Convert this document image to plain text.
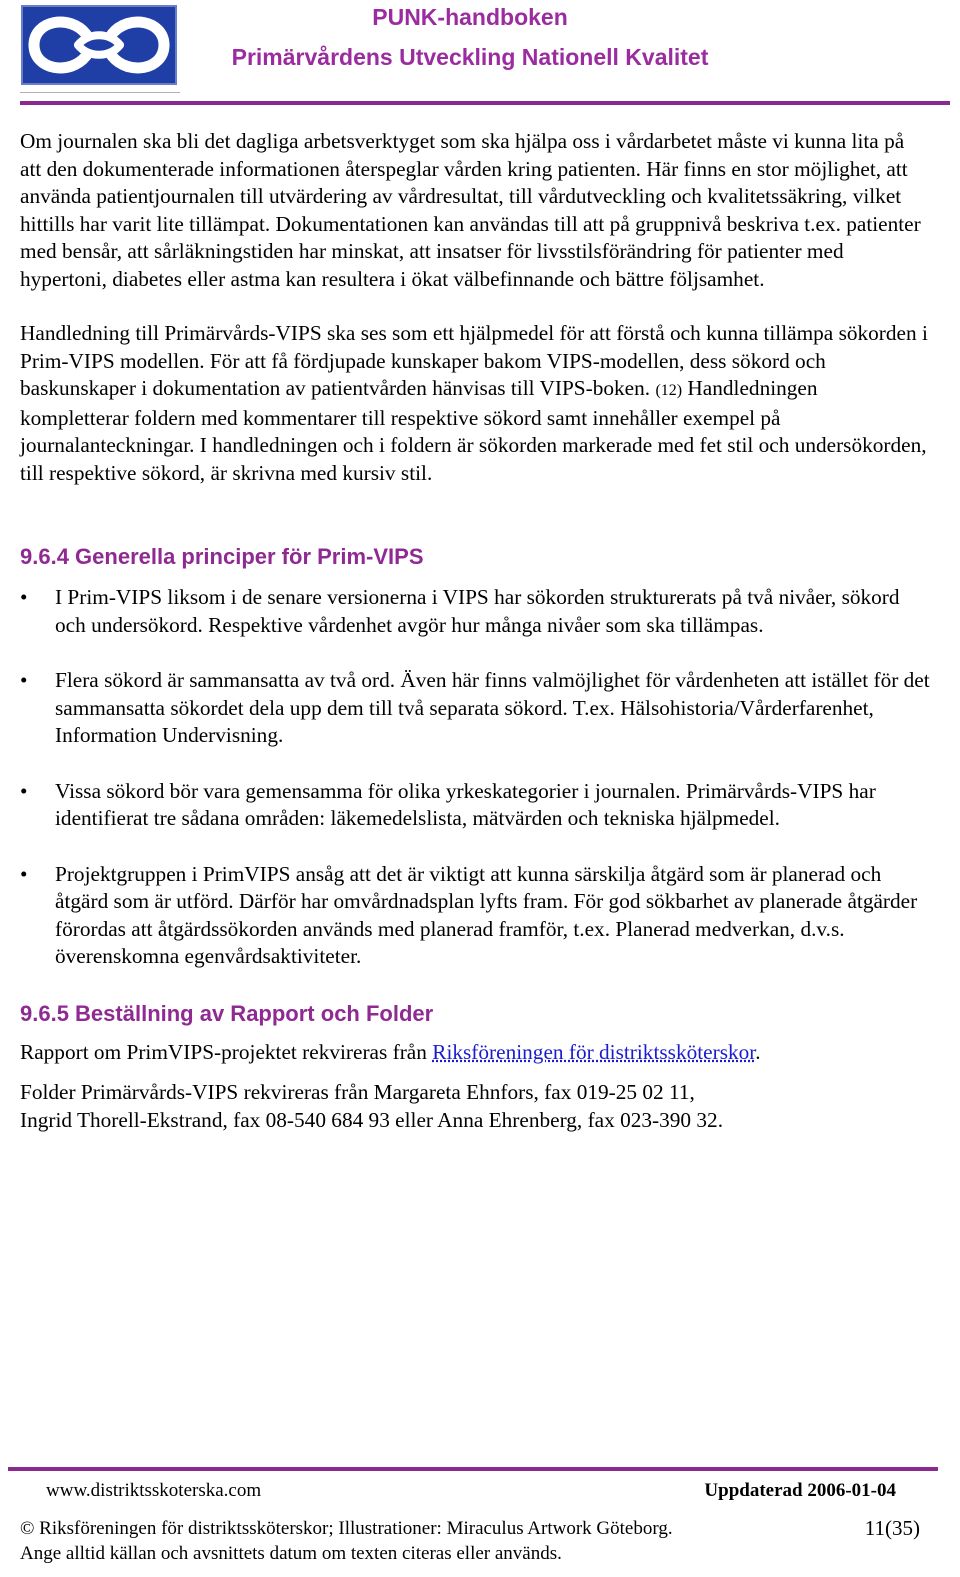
PUNK-handboken
Primärvårdens Utveckling Nationell Kvalitet

Om journalen ska bli det dagliga arbetsverktyget som ska hjälpa oss i vårdarbetet måste vi kunna lita på att den dokumenterade informationen återspeglar vården kring patienten. Här finns en stor möjlighet, att använda patientjournalen till utvärdering av vårdresultat, till vårdutveckling och kvalitetssäkring, vilket hittills har varit lite tillämpat. Dokumentationen kan användas till att på gruppnivå beskriva t.ex. patienter med bensår, att sårläkningstiden har minskat, att insatser för livsstilsförändring för patienter med hypertoni, diabetes eller astma kan resultera i ökat välbefinnande och bättre följsamhet.

Handledning till Primärvårds-VIPS ska ses som ett hjälpmedel för att förstå och kunna tillämpa sökorden i Prim-VIPS modellen. För att få fördjupade kunskaper bakom VIPS-modellen, dess sökord och baskunskaper i dokumentation av patientvården hänvisas till VIPS-boken. (12) Handledningen kompletterar foldern med kommentarer till respektive sökord samt innehåller exempel på journalanteckningar. I handledningen och i foldern är sökorden markerade med fet stil och undersökorden, till respektive sökord, är skrivna med kursiv stil.

9.6.4 Generella principer för Prim-VIPS
• I Prim-VIPS liksom i de senare versionerna i VIPS har sökorden strukturerats på två nivåer, sökord och undersökord. Respektive vårdenhet avgör hur många nivåer som ska tillämpas.
• Flera sökord är sammansatta av två ord. Även här finns valmöjlighet för vårdenheten att istället för det sammansatta sökordet dela upp dem till två separata sökord. T.ex. Hälsohistoria/Vårderfarenhet, Information Undervisning.
• Vissa sökord bör vara gemensamma för olika yrkeskategorier i journalen. Primärvårds-VIPS har identifierat tre sådana områden: läkemedelslista, mätvärden och tekniska hjälpmedel.
• Projektgruppen i PrimVIPS ansåg att det är viktigt att kunna särskilja åtgärd som är planerad och åtgärd som är utförd. Därför har omvårdnadsplan lyfts fram. För god sökbarhet av planerade åtgärder förordas att åtgärdssökorden används med planerad framför, t.ex. Planerad medverkan, d.v.s. överenskomna egenvårdsaktiviteter.
9.6.5 Beställning av Rapport och Folder

Rapport om PrimVIPS-projektet rekvireras från Riksföreningen för distriktssköterskor.

Folder Primärvårds-VIPS rekvireras från Margareta Ehnfors, fax 019-25 02 11,
Ingrid Thorell-Ekstrand, fax 08-540 684 93 eller Anna Ehrenberg, fax 023-390 32.

www.distriktsskoterska.com	Uppdaterad 2006-01-04
© Riksföreningen för distriktssköterskor; Illustrationer: Miraculus Artwork Göteborg.	11(35)
Ange alltid källan och avsnittets datum om texten citeras eller används.
